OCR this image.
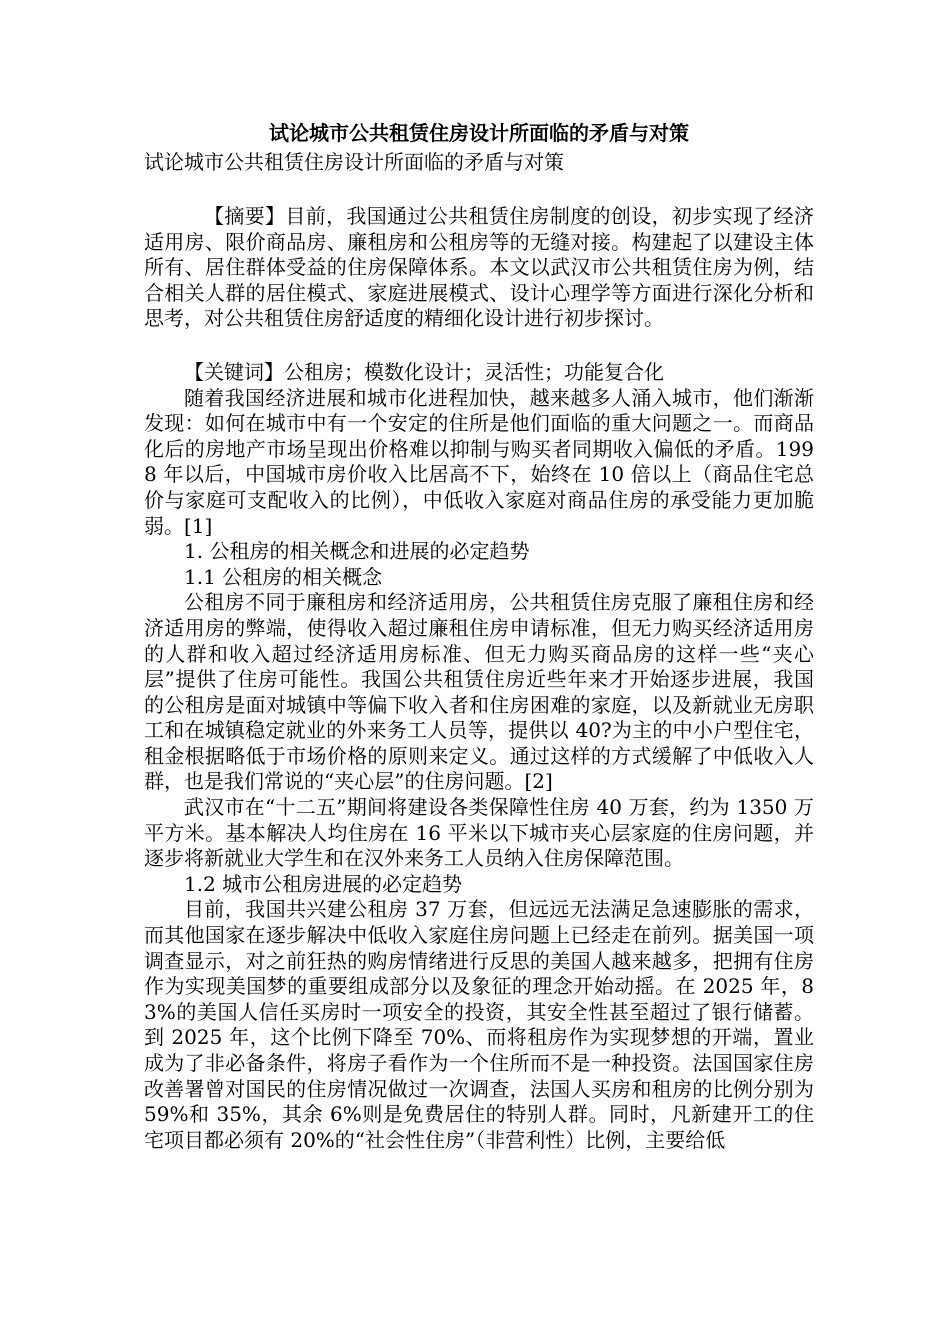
试论城市公共租赁住房设计所面临的矛盾与对策

试论城市公共租赁住房设计所面临的矛盾与对策

【摘要】目前，我国通过公共租赁住房制度的创设，初步实现了经济适用房、限价商品房、廉租房和公租房等的无缝对接。构建起了以建设主体所有、居住群体受益的住房保障体系。本文以武汉市公共租赁住房为例，结合相关人群的居住模式、家庭进展模式、设计心理学等方面进行深化分析和思考，对公共租赁住房舒适度的精细化设计进行初步探讨。

【关键词】公租房；模数化设计；灵活性；功能复合化

随着我国经济进展和城市化进程加快，越来越多人涌入城市，他们渐渐发现：如何在城市中有一个安定的住所是他们面临的重大问题之一。而商品化后的房地产市场呈现出价格难以抑制与购买者同期收入偏低的矛盾。1998 年以后，中国城市房价收入比居高不下，始终在 10 倍以上（商品住宅总价与家庭可支配收入的比例），中低收入家庭对商品住房的承受能力更加脆弱。[1]

1. 公租房的相关概念和进展的必定趋势

1.1 公租房的相关概念

公租房不同于廉租房和经济适用房，公共租赁住房克服了廉租住房和经济适用房的弊端，使得收入超过廉租住房申请标准，但无力购买经济适用房的人群和收入超过经济适用房标准、但无力购买商品房的这样一些“夹心层”提供了住房可能性。我国公共租赁住房近些年来才开始逐步进展，我国的公租房是面对城镇中等偏下收入者和住房困难的家庭，以及新就业无房职工和在城镇稳定就业的外来务工人员等，提供以 40?为主的中小户型住宅，租金根据略低于市场价格的原则来定义。通过这样的方式缓解了中低收入人群，也是我们常说的“夹心层”的住房问题。[2]

武汉市在“十二五”期间将建设各类保障性住房 40 万套，约为 1350 万平方米。基本解决人均住房在 16 平米以下城市夹心层家庭的住房问题，并逐步将新就业大学生和在汉外来务工人员纳入住房保障范围。

1.2 城市公租房进展的必定趋势

目前，我国共兴建公租房 37 万套，但远远无法满足急速膨胀的需求，而其他国家在逐步解决中低收入家庭住房问题上已经走在前列。据美国一项调查显示，对之前狂热的购房情绪进行反思的美国人越来越多，把拥有住房作为实现美国梦的重要组成部分以及象征的理念开始动摇。在 2025 年，83%的美国人信任买房时一项安全的投资，其安全性甚至超过了银行储蓄。到 2025 年，这个比例下降至 70%、而将租房作为实现梦想的开端，置业成为了非必备条件，将房子看作为一个住所而不是一种投资。法国国家住房改善署曾对国民的住房情况做过一次调查，法国人买房和租房的比例分别为 59%和 35%，其余 6%则是免费居住的特别人群。同时，凡新建开工的住宅项目都必须有 20%的“社会性住房”（非营利性）比例，主要给低
